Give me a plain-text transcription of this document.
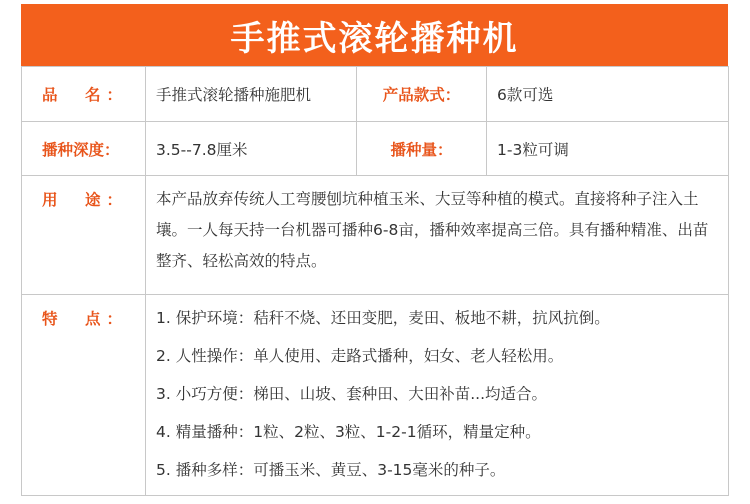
手推式滚轮播种机
品　名：	手推式滚轮播种施肥机	产品款式：	6款可选
播种深度：	3.5--7.8厘米	播种量：	1-3粒可调
用　途：	本产品放弃传统人工弯腰刨坑种植玉米、大豆等种植的模式。直接将种子注入土壤。一人每天持一台机器可播种6-8亩，播种效率提高三倍。具有播种精准、出苗整齐、轻松高效的特点。		
特　点：	1. 保护环境：秸秆不烧、还田变肥，麦田、板地不耕，抗风抗倒。
2. 人性操作：单人使用、走路式播种，妇女、老人轻松用。
3. 小巧方便：梯田、山坡、套种田、大田补苗...均适合。
4. 精量播种：1粒、2粒、3粒、1-2-1循环，精量定种。
5. 播种多样：可播玉米、黄豆、3-15毫米的种子。		
